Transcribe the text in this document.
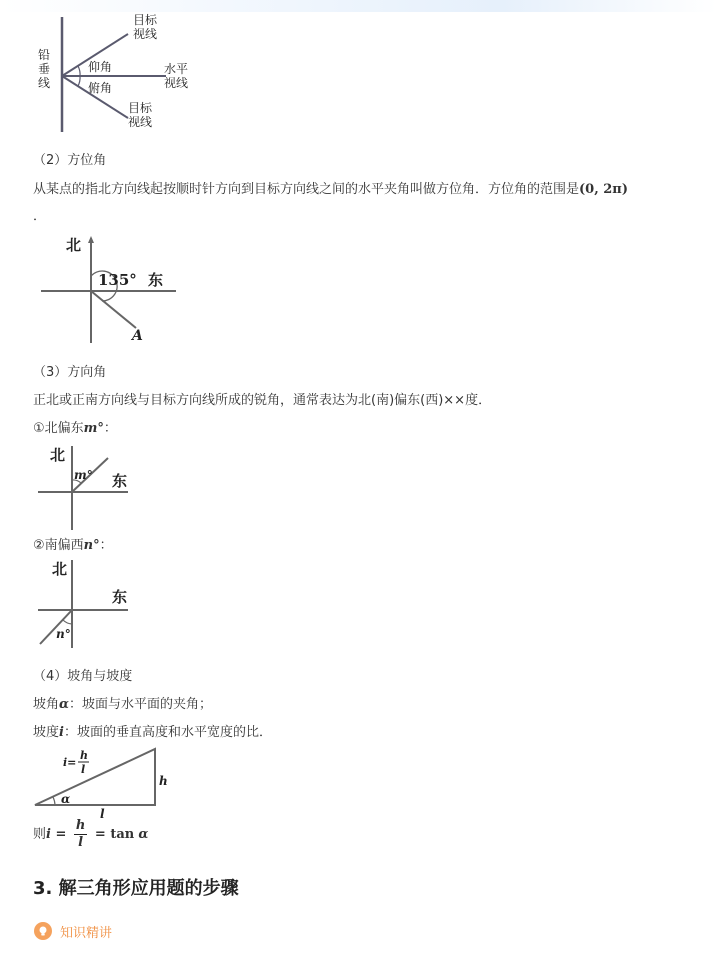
铅
垂
线
目标
视线
仰角
俯角
水平
视线
目标
视线
（2）方位角
从某点的指北方向线起按顺时针方向到目标方向线之间的水平夹角叫做方位角．方位角的范围是(0, 2π)
．
北
135° 东
A
（3）方向角
正北或正南方向线与目标方向线所成的锐角，通常表达为北(南)偏东(西)××度．
①北偏东m°：
北
m° 东
②南偏西n°：
北
n°
东
（4）坡角与坡度
坡角α：坡面与水平面的夹角；
坡度i：坡面的垂直高度和水平宽度的比．
i=
h
l
h
α
l
则$i = \frac{h}{l} = \tan \alpha$
3. 解三角形应用题的步骤
知识精讲
